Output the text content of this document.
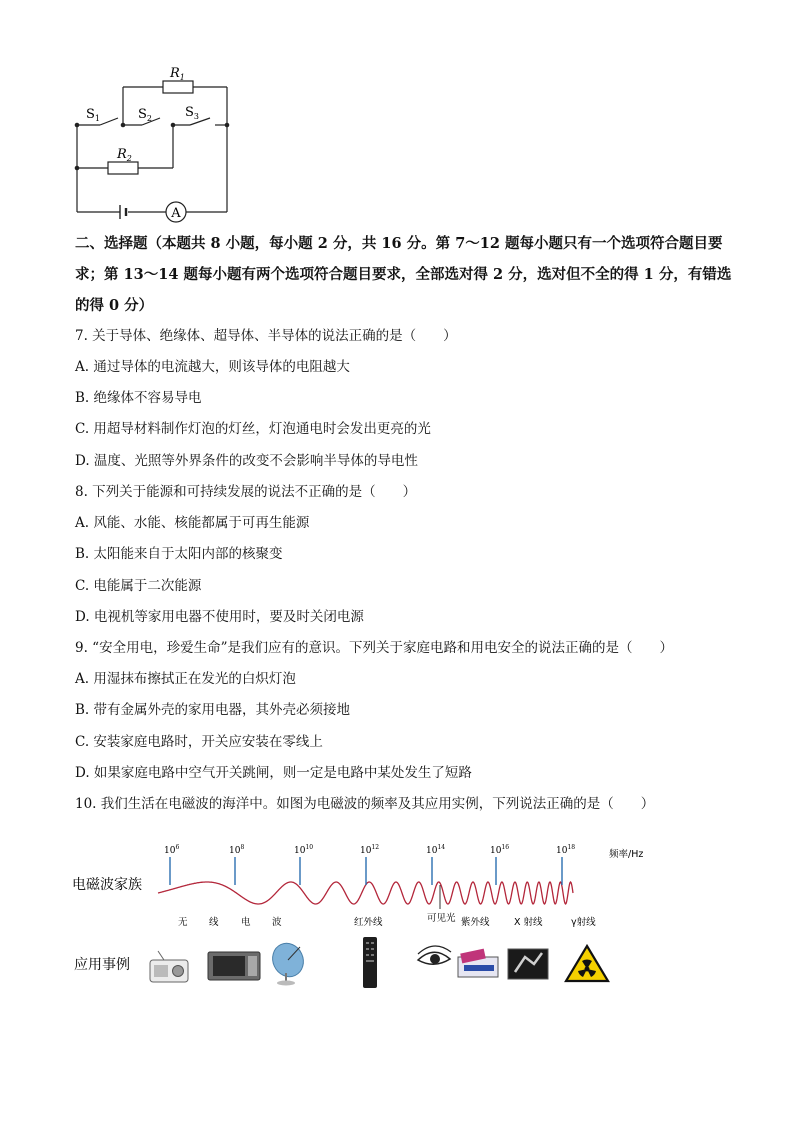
A
$R_1$
$R_2$
$S_1$	$S_2$	$S_3$
二、选择题（本题共 8 小题，每小题 2 分，共 16 分。第 7～12 题每小题只有一个选项符合题目要求；第 13～14 题每小题有两个选项符合题目要求，全部选对得 2 分，选对但不全的得 1 分，有错选的得 0 分）
7. 关于导体、绝缘体、超导体、半导体的说法正确的是（　　）
A. 通过导体的电流越大，则该导体的电阻越大
B. 绝缘体不容易导电
C. 用超导材料制作灯泡的灯丝，灯泡通电时会发出更亮的光
D. 温度、光照等外界条件的改变不会影响半导体的导电性
8. 下列关于能源和可持续发展的说法不正确的是（　　）
A. 风能、水能、核能都属于可再生能源
B. 太阳能来自于太阳内部的核聚变
C. 电能属于二次能源
D. 电视机等家用电器不使用时，要及时关闭电源
9. “安全用电，珍爱生命”是我们应有的意识。下列关于家庭电路和用电安全的说法正确的是（　　）
A. 用湿抹布擦拭正在发光的白炽灯泡
B. 带有金属外壳的家用电器，其外壳必须接地
C. 安装家庭电路时，开关应安装在零线上
D. 如果家庭电路中空气开关跳闸，则一定是电路中某处发生了短路
10. 我们生活在电磁波的海洋中。如图为电磁波的频率及其应用实例，下列说法正确的是（　　）
电磁波家族
$10^6$	$10^8$	$10^{10}$	$10^{12}$	$10^{14}$	$10^{16}$	$10^{18}$
频率/Hz
无 线 电 波	红外线	可见光 紫外线	X 射线	γ射线
应用事例
